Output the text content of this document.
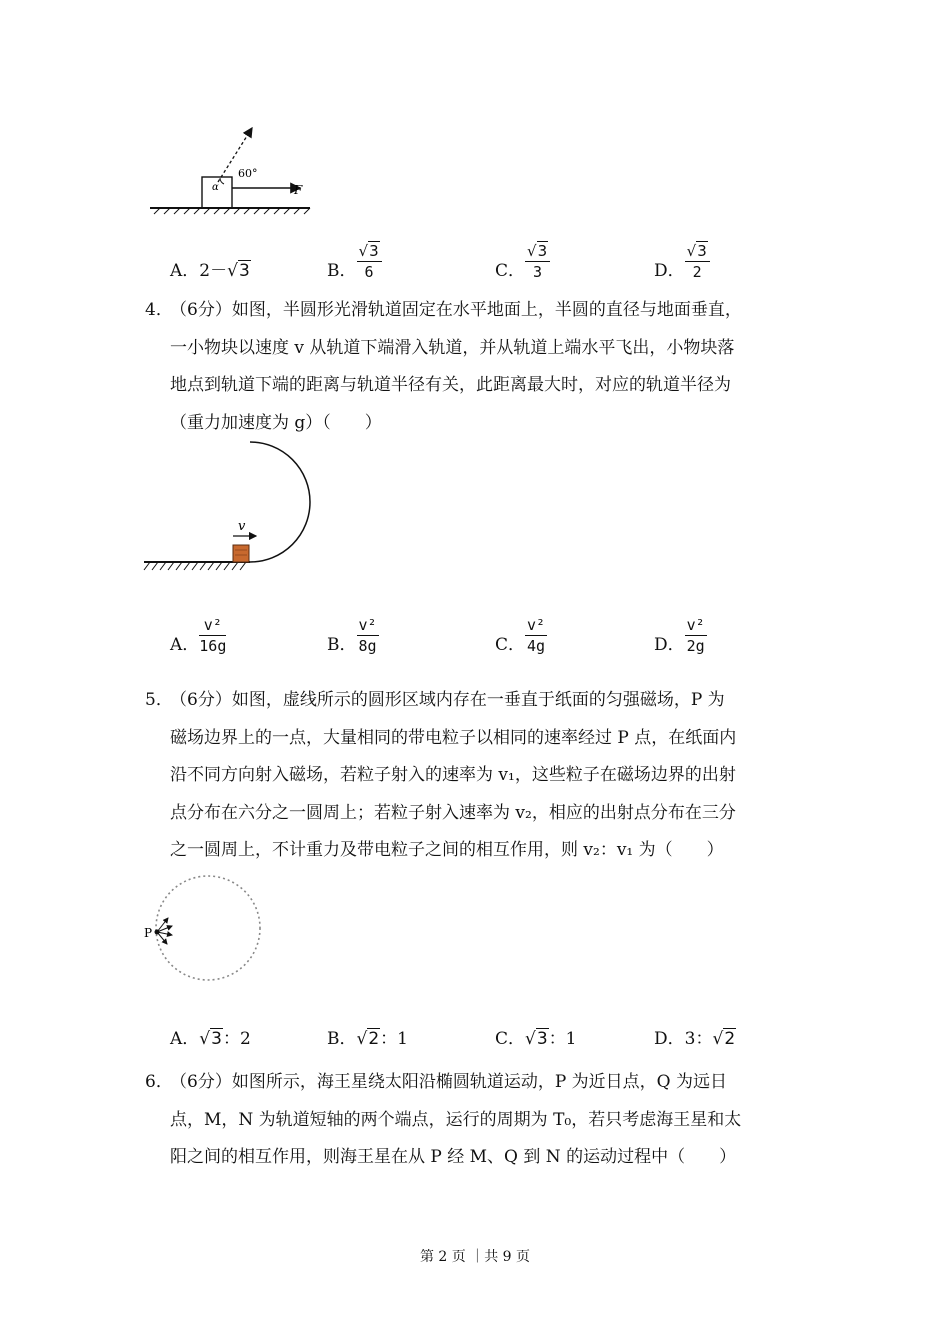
α
60°
F
A．2－√3	B． $\frac{√3}{6}$	C． $\frac{√3}{3}$	D． $\frac{√3}{2}$
4．
（6分）如图，半圆形光滑轨道固定在水平地面上，半圆的直径与地面垂直，
一小物块以速度 v 从轨道下端滑入轨道，并从轨道上端水平飞出，小物块落
地点到轨道下端的距离与轨道半径有关，此距离最大时，对应的轨道半径为
（重力加速度为 g）（　　）
v
A． $\frac{\text{v²}}{16g}$	B． $\frac{\text{v²}}{8g}$	C． $\frac{\text{v²}}{4g}$	D． $\frac{\text{v²}}{2g}$
5．
（6分）如图，虚线所示的圆形区域内存在一垂直于纸面的匀强磁场，P 为
磁场边界上的一点，大量相同的带电粒子以相同的速率经过 P 点，在纸面内
沿不同方向射入磁场，若粒子射入的速率为 v₁，这些粒子在磁场边界的出射
点分布在六分之一圆周上；若粒子射入速率为 v₂，相应的出射点分布在三分
之一圆周上，不计重力及带电粒子之间的相互作用，则 v₂：v₁ 为（　　）
P
A．√3：2	B．√2：1	C．√3：1	D．3：√2
6．
（6分）如图所示，海王星绕太阳沿椭圆轨道运动，P 为近日点，Q 为远日
点，M，N 为轨道短轴的两个端点，运行的周期为 T₀，若只考虑海王星和太
阳之间的相互作用，则海王星在从 P 经 M、Q 到 N 的运动过程中（　　）
第 2 页 ｜共 9 页
